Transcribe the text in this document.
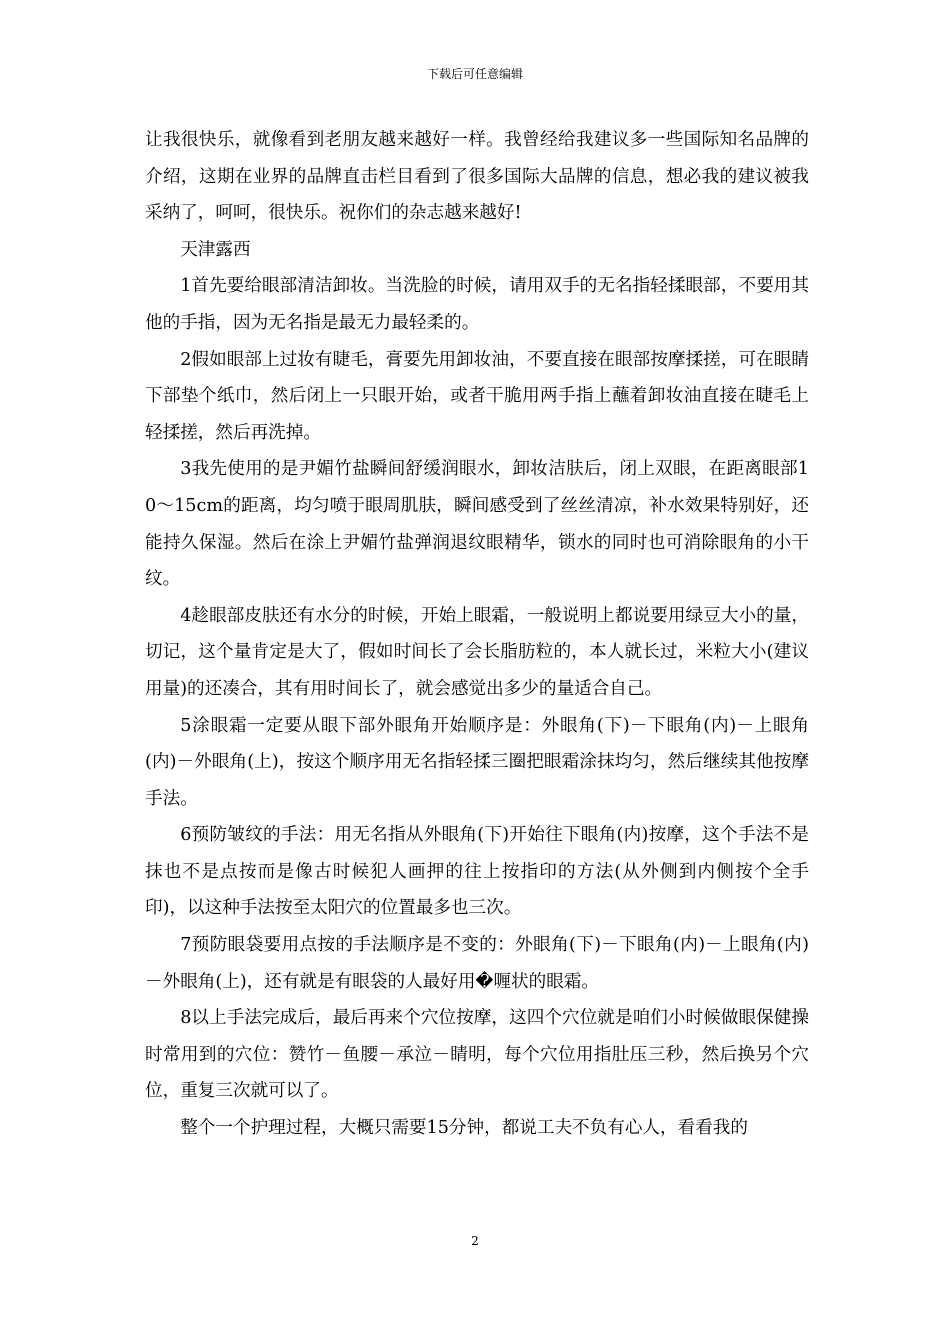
下载后可任意编辑

让我很快乐，就像看到老朋友越来越好一样。我曾经给我建议多一些国际知名品牌的介绍，这期在业界的品牌直击栏目看到了很多国际大品牌的信息，想必我的建议被我采纳了，呵呵，很快乐。祝你们的杂志越来越好!

天津露西

1首先要给眼部清洁卸妆。当洗脸的时候，请用双手的无名指轻揉眼部，不要用其他的手指，因为无名指是最无力最轻柔的。

2假如眼部上过妆有睫毛，膏要先用卸妆油，不要直接在眼部按摩揉搓，可在眼睛下部垫个纸巾，然后闭上一只眼开始，或者干脆用两手指上蘸着卸妆油直接在睫毛上轻揉搓，然后再洗掉。

3我先使用的是尹媚竹盐瞬间舒缓润眼水，卸妆洁肤后，闭上双眼，在距离眼部10～15cm的距离，均匀喷于眼周肌肤，瞬间感受到了丝丝清凉，补水效果特别好，还能持久保湿。然后在涂上尹媚竹盐弹润退纹眼精华，锁水的同时也可消除眼角的小干纹。

4趁眼部皮肤还有水分的时候，开始上眼霜，一般说明上都说要用绿豆大小的量，切记，这个量肯定是大了，假如时间长了会长脂肪粒的，本人就长过，米粒大小(建议用量)的还凑合，其有用时间长了，就会感觉出多少的量适合自己。

5涂眼霜一定要从眼下部外眼角开始顺序是：外眼角(下)－下眼角(内)－上眼角(内)－外眼角(上)，按这个顺序用无名指轻揉三圈把眼霜涂抹均匀，然后继续其他按摩手法。

6预防皱纹的手法：用无名指从外眼角(下)开始往下眼角(内)按摩，这个手法不是抹也不是点按而是像古时候犯人画押的往上按指印的方法(从外侧到内侧按个全手印)，以这种手法按至太阳穴的位置最多也三次。

7预防眼袋要用点按的手法顺序是不变的：外眼角(下)－下眼角(内)－上眼角(内)－外眼角(上)，还有就是有眼袋的人最好用�喱状的眼霜。

8以上手法完成后，最后再来个穴位按摩，这四个穴位就是咱们小时候做眼保健操时常用到的穴位：赞竹－鱼腰－承泣－睛明，每个穴位用指肚压三秒，然后换另个穴位，重复三次就可以了。

整个一个护理过程，大概只需要15分钟，都说工夫不负有心人，看看我的

2
